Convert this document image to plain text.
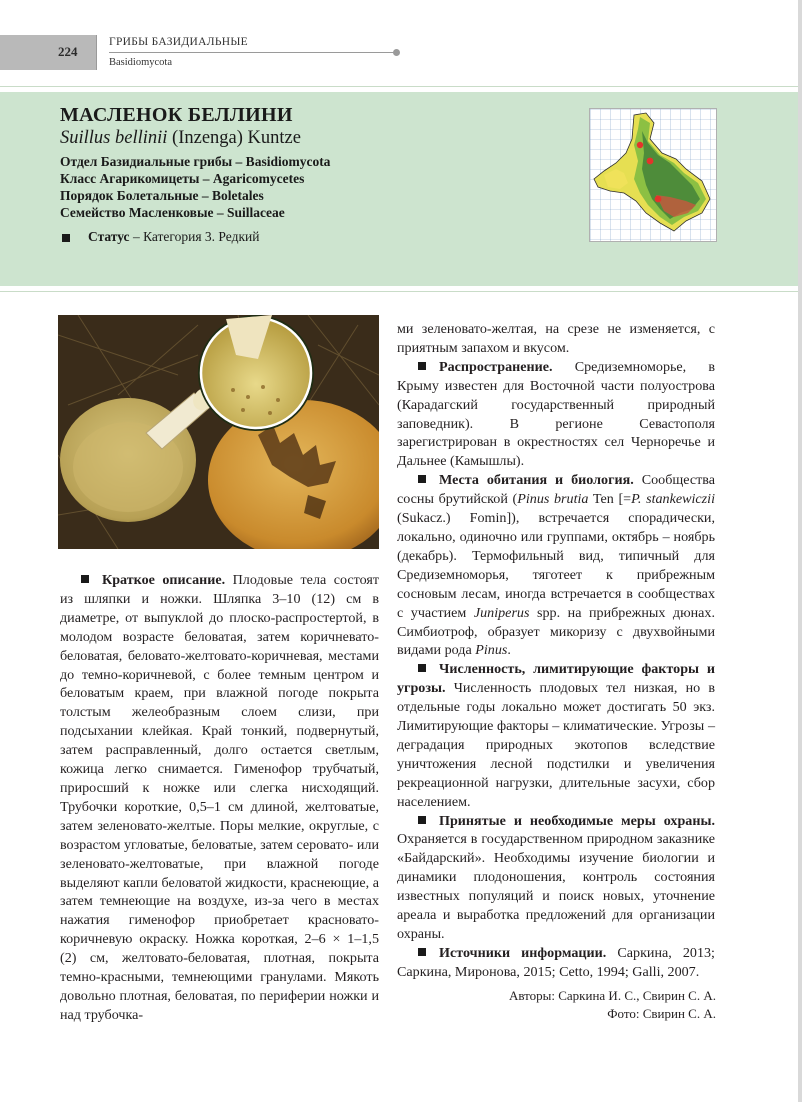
224
ГРИБЫ БАЗИДИАЛЬНЫЕ
Basidiomycota
МАСЛЕНОК БЕЛЛИНИ
Suillus bellinii (Inzenga) Kuntze
Отдел Базидиальные грибы – Basidiomycota
Класс Агарикомицеты – Agaricomycetes
Порядок Болетальные – Boletales
Семейство Масленковые – Suillaceae
Статус – Категория 3. Редкий

Краткое описание. Плодовые тела состоят из шляпки и ножки. Шляпка 3–10 (12) см в диаметре, от выпуклой до плоско-распростертой, в молодом возрасте беловатая, затем коричневато-беловатая, беловато-желтовато-коричневая, местами до темно-коричневой, с более темным центром и беловатым краем, при влажной погоде покрыта толстым желеобразным слоем слизи, при подсыхании клейкая. Край тонкий, подвернутый, затем расправленный, долго остается светлым, кожица легко снимается. Гименофор трубчатый, приросший к ножке или слегка нисходящий. Трубочки короткие, 0,5–1 см длиной, желтоватые, затем зеленовато-желтые. Поры мелкие, округлые, с возрастом угловатые, беловатые, затем серовато- или зеленовато-желтоватые, при влажной погоде выделяют капли беловатой жидкости, краснеющие, а затем темнеющие на воздухе, из-за чего в местах нажатия гименофор приобретает красновато-коричневую окраску. Ножка короткая, 2–6 × 1–1,5 (2) см, желтовато-беловатая, плотная, покрыта темно-красными, темнеющими гранулами. Мякоть довольно плотная, беловатая, по периферии ножки и над трубочка-

ми зеленовато-желтая, на срезе не изменяется, с приятным запахом и вкусом.

Распространение. Средиземноморье, в Крыму известен для Восточной части полуострова (Карадагский государственный природный заповедник). В регионе Севастополя зарегистрирован в окрестностях сел Черноречье и Дальнее (Камышлы).

Места обитания и биология. Сообщества сосны брутийской (Pinus brutia Ten [=P. stankewiczii (Sukacz.) Fomin]), встречается спорадически, локально, одиночно или группами, октябрь – ноябрь (декабрь). Термофильный вид, типичный для Средиземноморья, тяготеет к прибрежным сосновым лесам, иногда встречается в сообществах с участием Juniperus spp. на прибрежных дюнах. Симбиотроф, образует микоризу с двухвойными видами рода Pinus.

Численность, лимитирующие факторы и угрозы. Численность плодовых тел низкая, но в отдельные годы локально может достигать 50 экз. Лимитирующие факторы – климатические. Угрозы – деградация природных экотопов вследствие уничтожения лесной подстилки и увеличения рекреационной нагрузки, длительные засухи, сбор населением.

Принятые и необходимые меры охраны. Охраняется в государственном природном заказнике «Байдарский». Необходимы изучение биологии и динамики плодоношения, контроль состояния известных популяций и поиск новых, уточнение ареала и выработка предложений для организации охраны.

Источники информации. Саркина, 2013; Саркина, Миронова, 2015; Cetto, 1994; Galli, 2007.

Авторы: Саркина И. С., Свирин С. А.
Фото: Свирин С. А.
